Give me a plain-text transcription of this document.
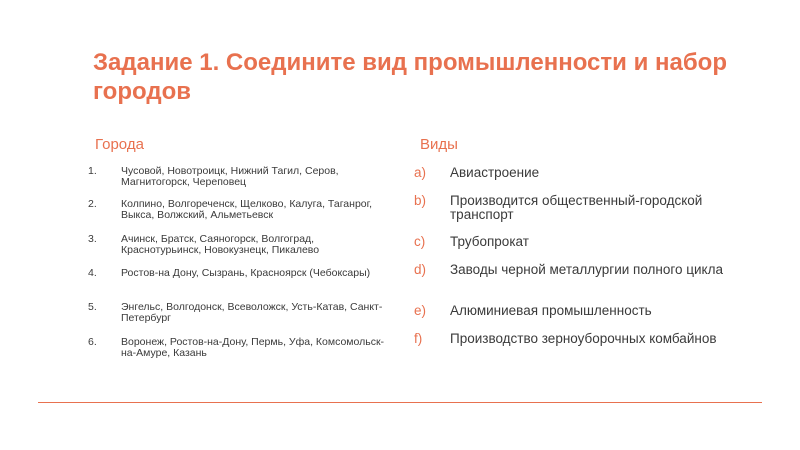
Задание 1. Соедините вид промышленности и набор городов
Города	Виды
1.	Чусовой, Новотроицк, Нижний Тагил, Серов, Магнитогорск, Череповец
2.	Колпино, Волгореченск, Щелково, Калуга, Таганрог, Выкса, Волжский, Альметьевск
3.	Ачинск, Братск, Саяногорск, Волгоград, Краснотурьинск, Новокузнецк, Пикалево
4.	Ростов-на Дону, Сызрань, Красноярск (Чебоксары)
5.	Энгельс, Волгодонск, Всеволожск, Усть-Катав, Санкт-Петербург
6.	Воронеж, Ростов-на-Дону, Пермь, Уфа, Комсомольск-на-Амуре, Казань
a)	Авиастроение
b)	Производится общественный-городской транспорт
c)	Трубопрокат
d)	Заводы черной металлургии полного цикла
e)	Алюминиевая промышленность
f)	Производство зерноуборочных комбайнов
